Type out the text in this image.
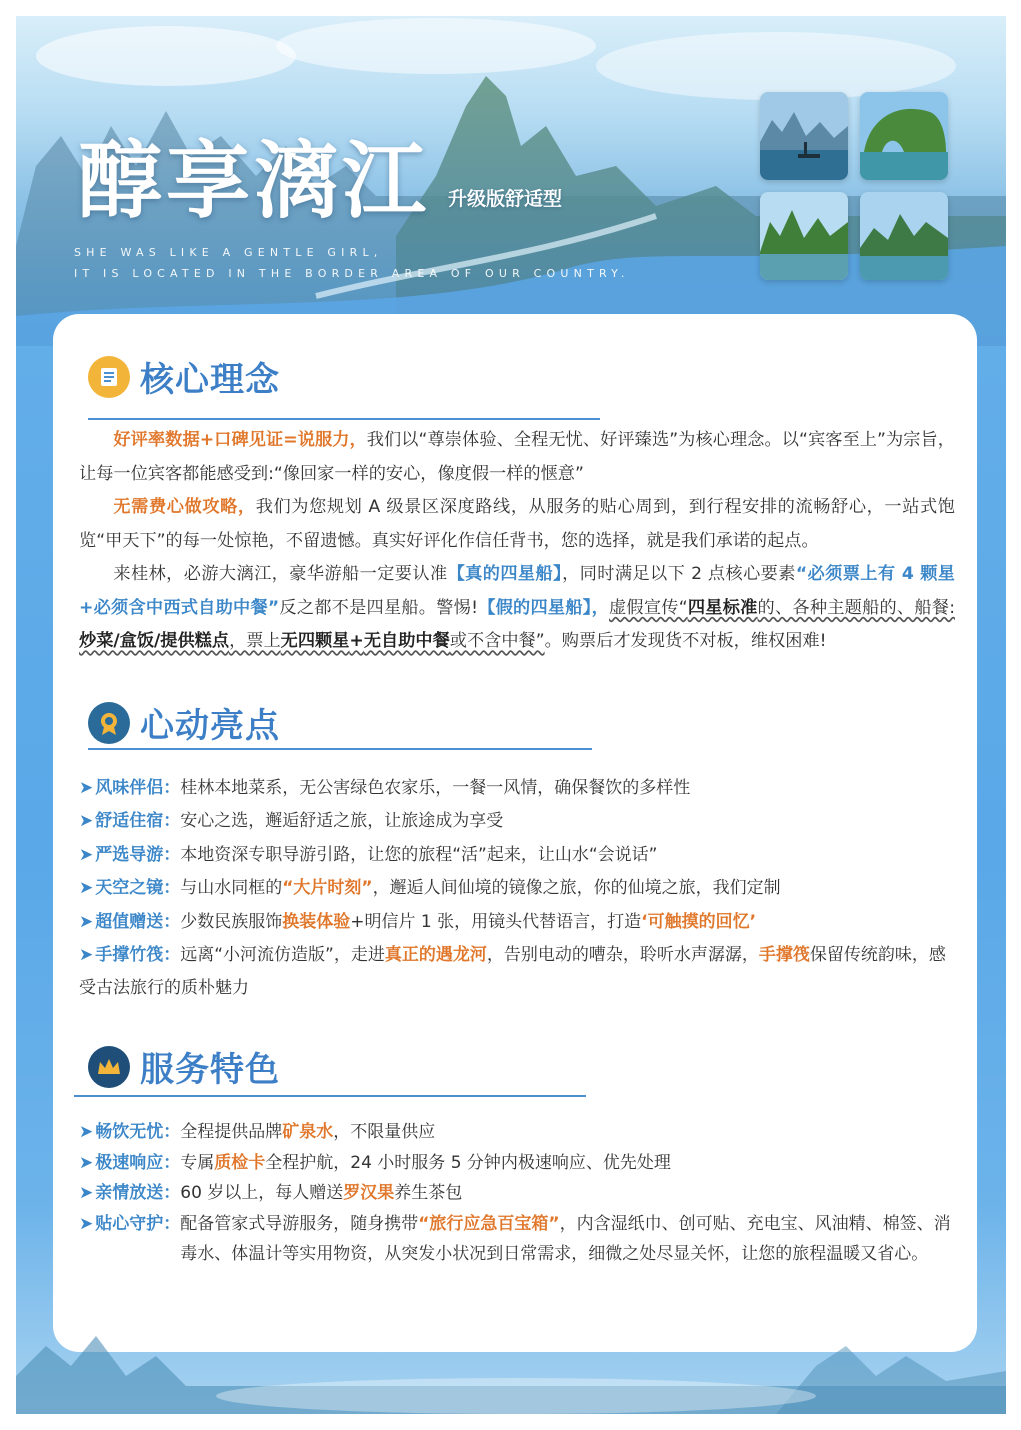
醇享漓江 升级版舒适型
SHE WAS LIKE A GENTLE GIRL,
IT IS LOCATED IN THE BORDER AREA OF OUR COUNTRY.
核心理念

好评率数据+口碑见证=说服力，我们以“尊崇体验、全程无忧、好评臻选”为核心理念。以“宾客至上”为宗旨，让每一位宾客都能感受到:“像回家一样的安心，像度假一样的惬意”

无需费心做攻略，我们为您规划 A 级景区深度路线，从服务的贴心周到，到行程安排的流畅舒心，一站式饱览“甲天下”的每一处惊艳，不留遗憾。真实好评化作信任背书，您的选择，就是我们承诺的起点。

来桂林，必游大漓江，豪华游船一定要认准【真的四星船】，同时满足以下 2 点核心要素“必须票上有 4 颗星+必须含中西式自助中餐”反之都不是四星船。警惕!【假的四星船】，虚假宣传“四星标准的、各种主题船的、船餐: 炒菜/盒饭/提供糕点，票上无四颗星+无自助中餐或不含中餐”。购票后才发现货不对板，维权困难!

心动亮点
➤ 风味伴侣： 桂林本地菜系，无公害绿色农家乐，一餐一风情，确保餐饮的多样性
➤ 舒适住宿： 安心之选，邂逅舒适之旅，让旅途成为享受
➤ 严选导游： 本地资深专职导游引路，让您的旅程“活”起来，让山水“会说话”
➤ 天空之镜： 与山水同框的“大片时刻”，邂逅人间仙境的镜像之旅，你的仙境之旅，我们定制
➤ 超值赠送： 少数民族服饰换装体验+明信片 1 张，用镜头代替语言，打造‘可触摸的回忆’
➤ 手撑竹筏：远离“小河流仿造版”，走进真正的遇龙河，告别电动的嘈杂，聆听水声潺潺，手撑筏保留传统韵味，感受古法旅行的质朴魅力
服务特色
➤ 畅饮无忧： 全程提供品牌矿泉水，不限量供应
➤ 极速响应： 专属质检卡全程护航，24 小时服务 5 分钟内极速响应、优先处理
➤ 亲情放送： 60 岁以上，每人赠送罗汉果养生茶包
➤ 贴心守护： 配备管家式导游服务，随身携带“旅行应急百宝箱”，内含湿纸巾、创可贴、充电宝、风油精、棉签、消毒水、体温计等实用物资，从突发小状况到日常需求，细微之处尽显关怀，让您的旅程温暖又省心。
